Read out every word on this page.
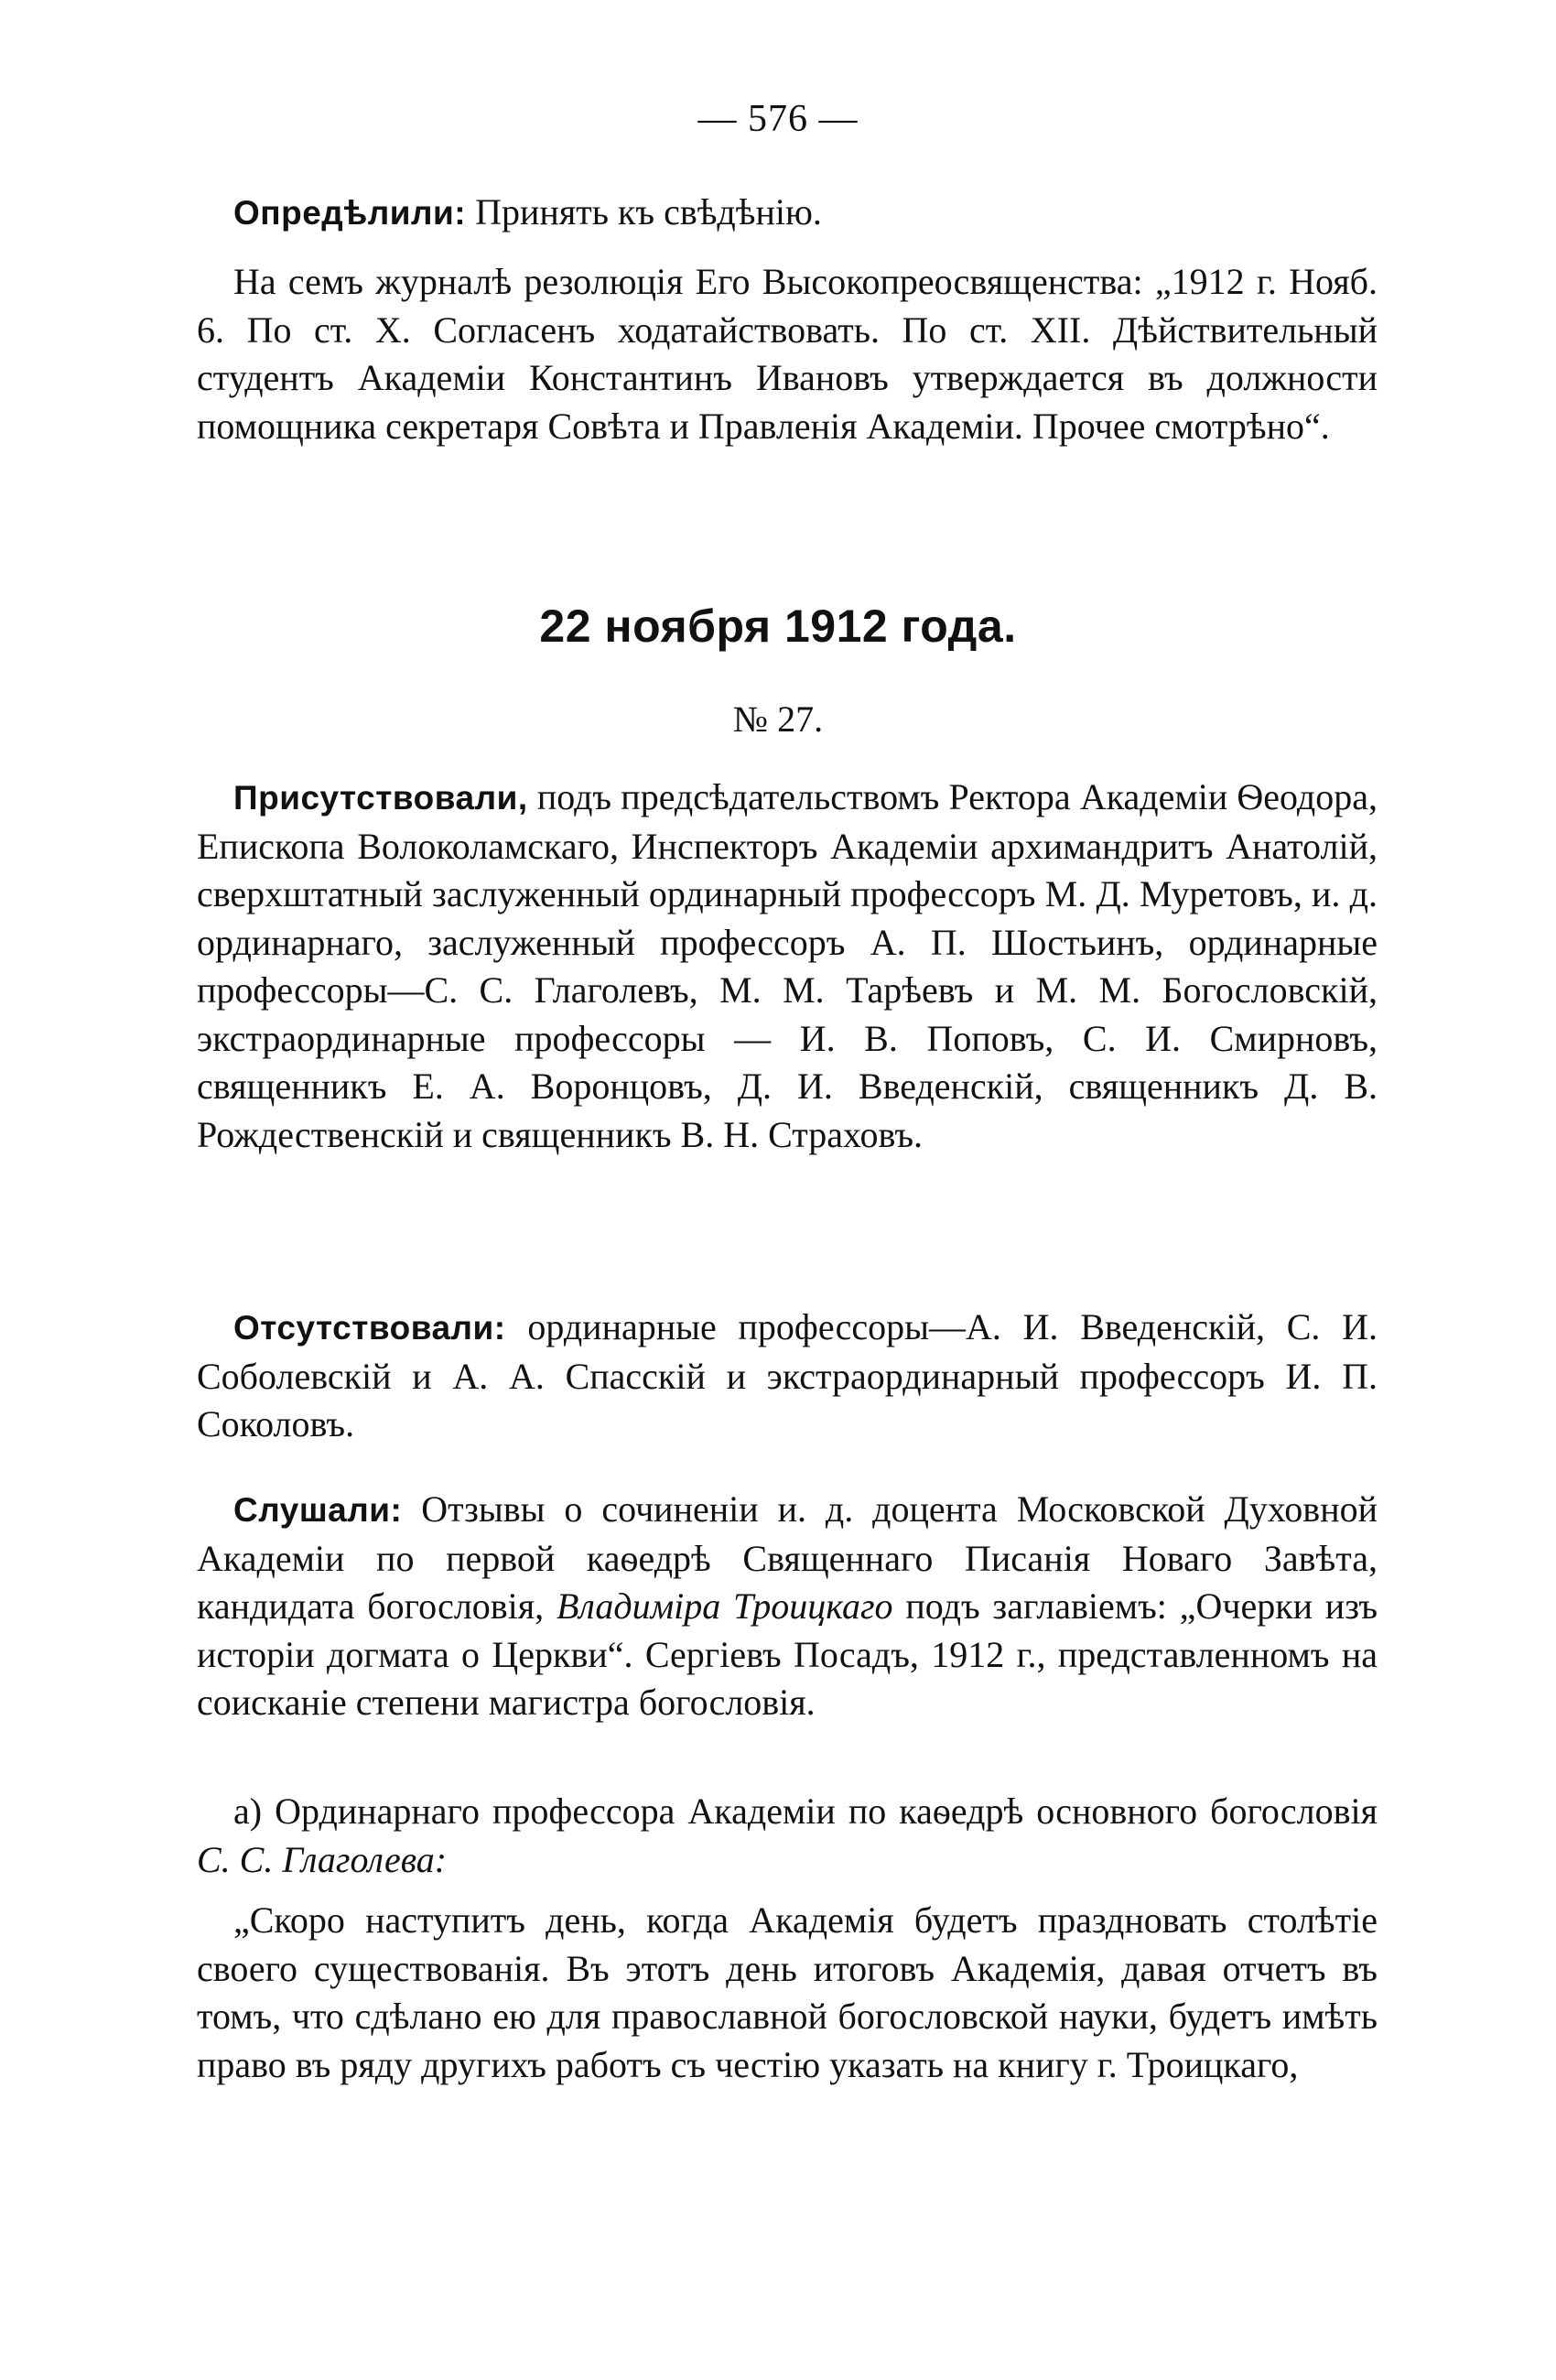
— 576 —

Опредѣлили: Принять къ свѣдѣнію.

На семъ журналѣ резолюція Его Высокопреосвященства: „1912 г. Нояб. 6. По ст. X. Согласенъ ходатайствовать. По ст. XII. Дѣйствительный студентъ Академіи Константинъ Ивановъ утверждается въ должности помощника секретаря Совѣта и Правленія Академіи. Прочее смотрѣно“.

22 ноября 1912 года.

№ 27.

Присутствовали, подъ предсѣдательствомъ Ректора Академіи Ѳеодора, Епископа Волоколамскаго, Инспекторъ Академіи архимандритъ Анатолій, сверхштатный заслуженный ординарный профессоръ М. Д. Муретовъ, и. д. ординарнаго, заслуженный профессоръ А. П. Шостьинъ, ординарные профессоры—С. С. Глаголевъ, М. М. Тарѣевъ и М. М. Богословскій, экстраординарные профессоры — И. В. Поповъ, С. И. Смирновъ, священникъ Е. А. Воронцовъ, Д. И. Введенскій, священникъ Д. В. Рождественскій и священникъ В. Н. Страховъ.

Отсутствовали: ординарные профессоры—А. И. Введенскій, С. И. Соболевскій и А. А. Спасскій и экстраординарный профессоръ И. П. Соколовъ.

Слушали: Отзывы о сочиненіи и. д. доцента Московской Духовной Академіи по первой каѳедрѣ Священнаго Писанія Новаго Завѣта, кандидата богословія, Владиміра Троицкаго подъ заглавіемъ: „Очерки изъ исторіи догмата о Церкви“. Сергіевъ Посадъ, 1912 г., представленномъ на соисканіе степени магистра богословія.

а) Ординарнаго профессора Академіи по каѳедрѣ основного богословія С. С. Глаголева:

„Скоро наступитъ день, когда Академія будетъ праздновать столѣтіе своего существованія. Въ этотъ день итоговъ Академія, давая отчетъ въ томъ, что сдѣлано ею для православной богословской науки, будетъ имѣть право въ ряду другихъ работъ съ честію указать на книгу г. Троицкаго,
